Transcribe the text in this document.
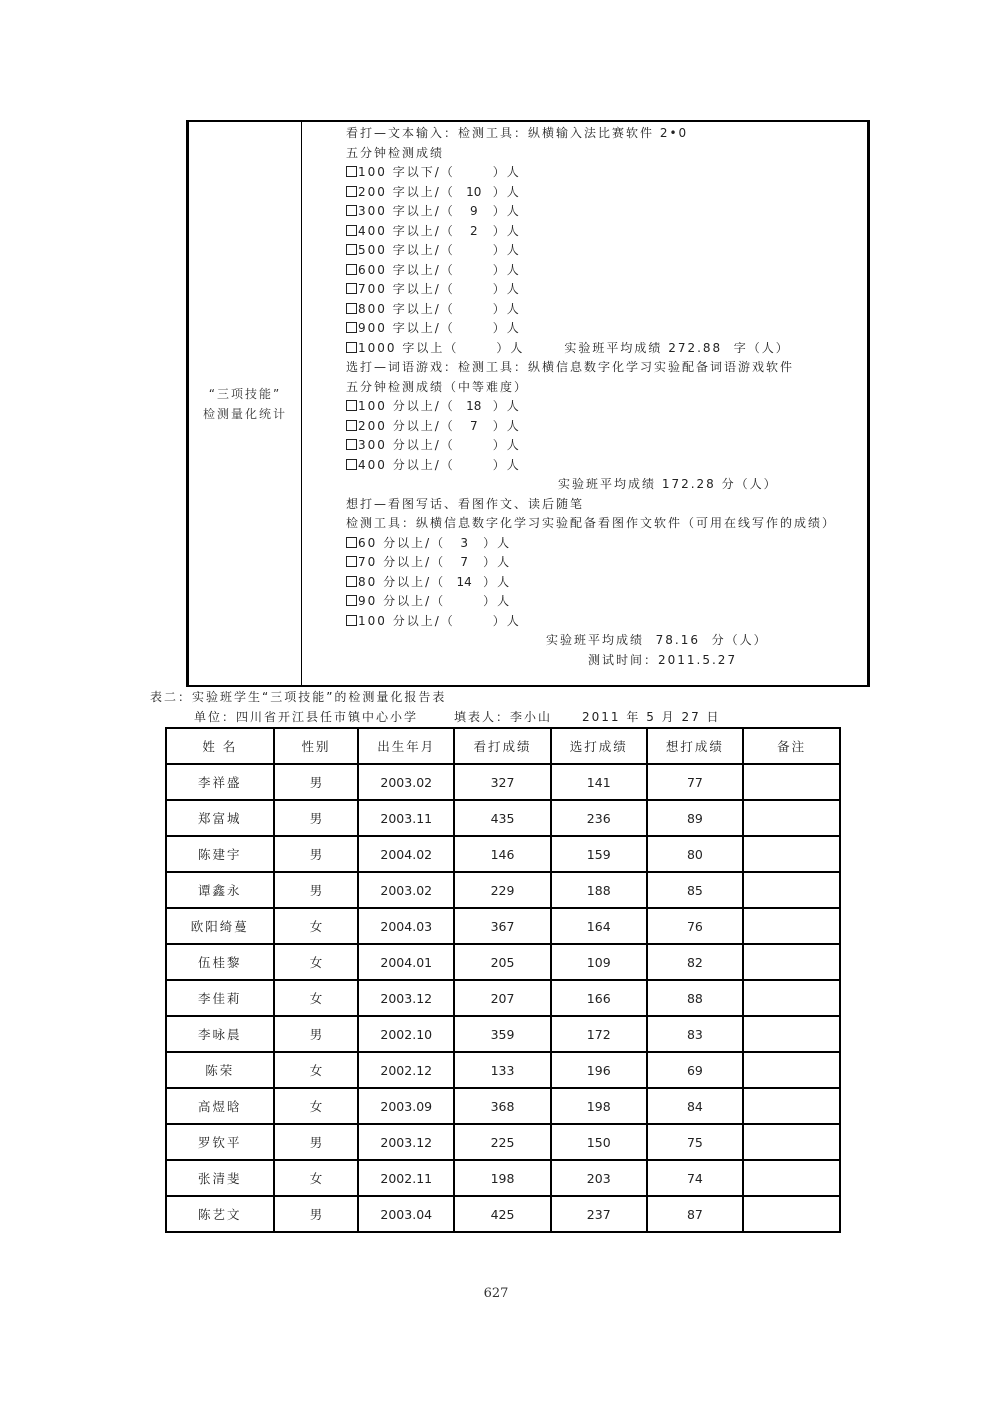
“三项技能”
检测量化统计
看打—文本输入：检测工具：纵横输入法比赛软件 2•0
五分钟检测成绩
100 字以下/（	）人
200 字以上/（ 10 ）人
300 字以上/（ 9 ）人
400 字以上/（ 2 ）人
500 字以上/（	）人
600 字以上/（	）人
700 字以上/（	）人
800 字以上/（	）人
900 字以上/（	）人
1000 字以上（	）人	实验班平均成绩 272.88  字（人）
选打—词语游戏：检测工具：纵横信息数字化学习实验配备词语游戏软件
五分钟检测成绩（中等难度）
100 分以上/（ 18 ）人
200 分以上/（ 7 ）人
300 分以上/（	）人
400 分以上/（	）人
实验班平均成绩 172.28 分（人）
想打—看图写话、看图作文、读后随笔
检测工具：纵横信息数字化学习实验配备看图作文软件（可用在线写作的成绩）
60 分以上/（ 3 ）人
70 分以上/（ 7 ）人
80 分以上/（ 14 ）人
90 分以上/（	）人
100 分以上/（	）人
实验班平均成绩  78.16  分（人）
测试时间：2011.5.27
表二：实验班学生“三项技能”的检测量化报告表
单位：四川省开江县任市镇中心小学	填表人：李小山	2011 年 5 月 27 日
姓 名	性别	出生年月	看打成绩	选打成绩	想打成绩	备注
李祥盛	男	2003.02	327	141	77	
郑富城	男	2003.11	435	236	89	
陈建宇	男	2004.02	146	159	80	
谭鑫永	男	2003.02	229	188	85	
欧阳绮蔓	女	2004.03	367	164	76	
伍桂黎	女	2004.01	205	109	82	
李佳莉	女	2003.12	207	166	88	
李咏晨	男	2002.10	359	172	83	
陈荣	女	2002.12	133	196	69	
高煜晗	女	2003.09	368	198	84	
罗钦平	男	2003.12	225	150	75	
张清斐	女	2002.11	198	203	74	
陈艺文	男	2003.04	425	237	87	
627
